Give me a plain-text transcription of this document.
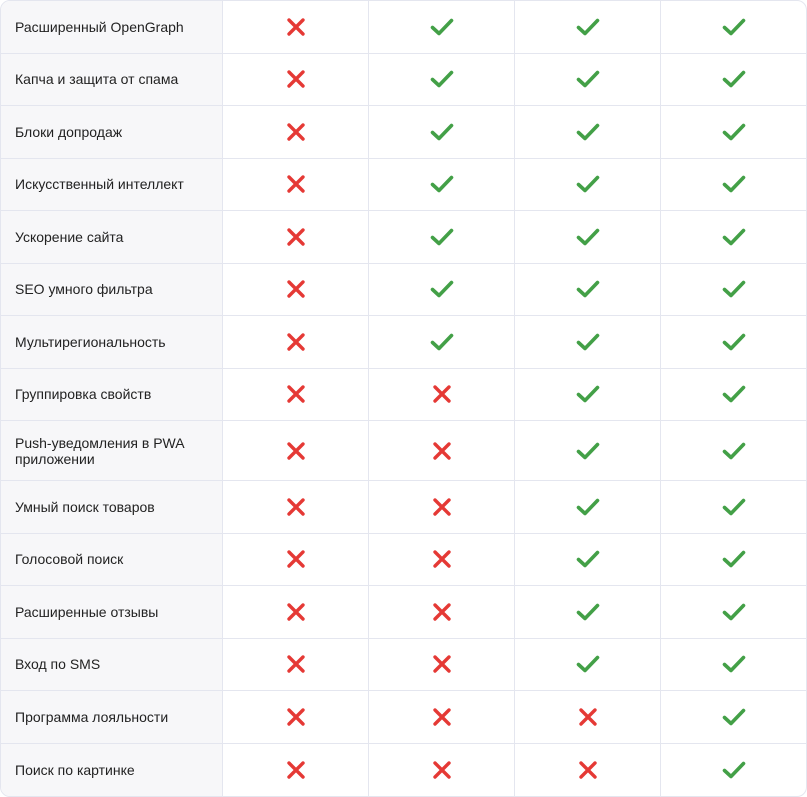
Расширенный OpenGraph
Капча и защита от спама
Блоки допродаж
Искусственный интеллект
Ускорение сайта
SEO умного фильтра
Мультирегиональность
Группировка свойств
Push-уведомления в PWA приложении
Умный поиск товаров
Голосовой поиск
Расширенные отзывы
Вход по SMS
Программа лояльности
Поиск по картинке
